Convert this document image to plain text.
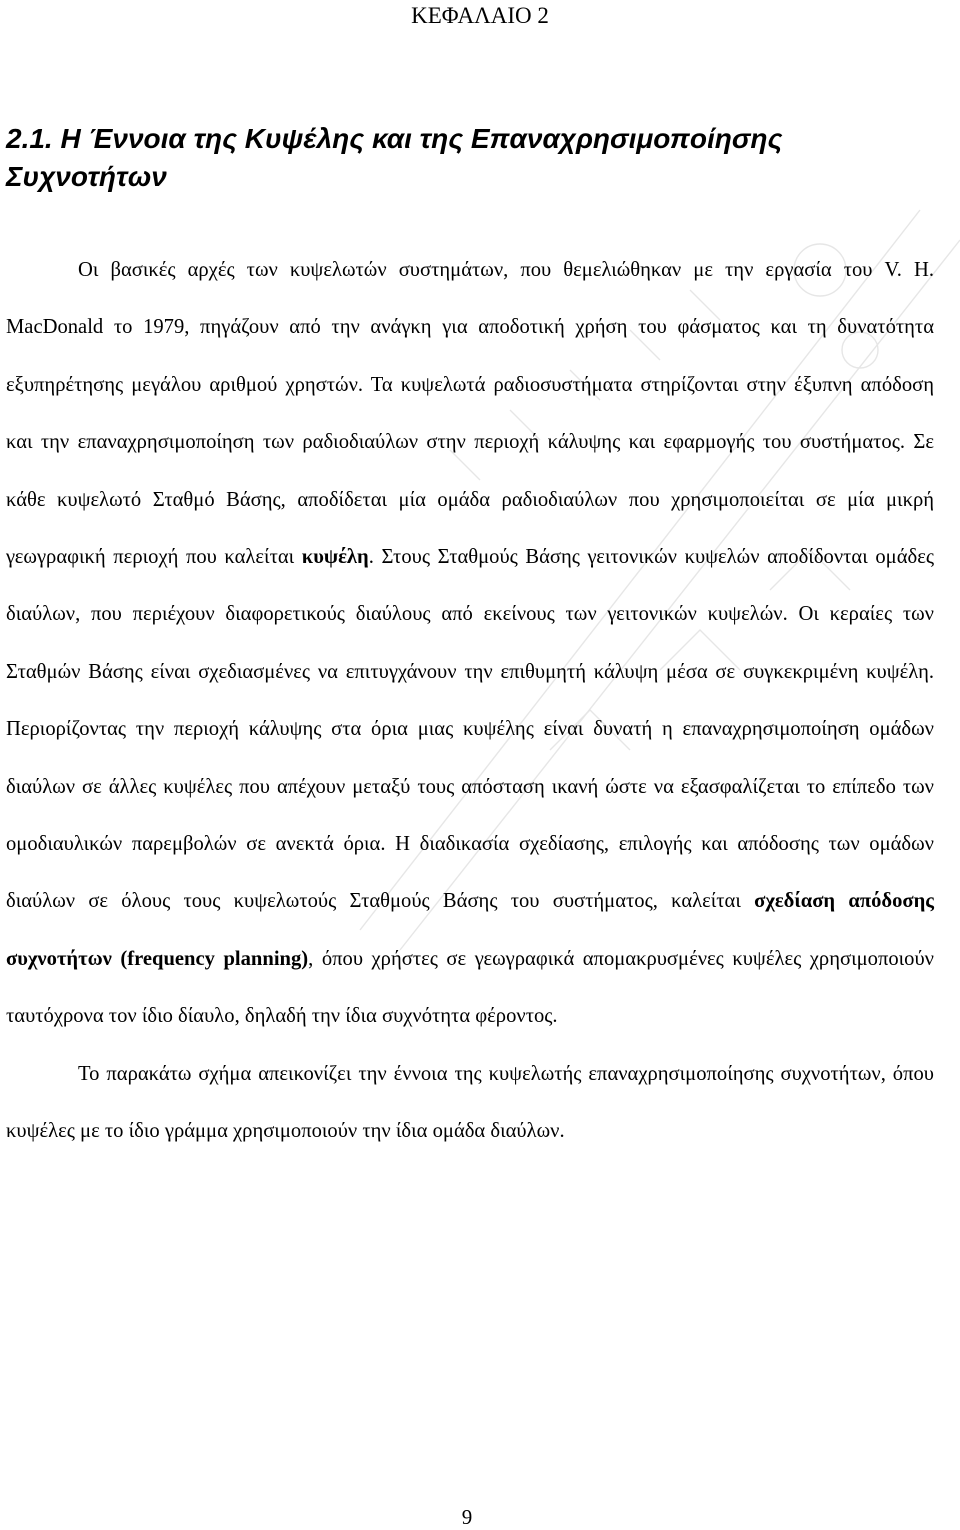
ΚΕΦΑΛΑΙΟ 2
2.1. Η Έννοια της Κυψέλης και της Επαναχρησιμοποίησης Συχνοτήτων

Οι βασικές αρχές των κυψελωτών συστημάτων, που θεμελιώθηκαν με την εργασία του V. H. MacDonald το 1979, πηγάζουν από την ανάγκη για αποδοτική χρήση του φάσματος και τη δυνατότητα εξυπηρέτησης μεγάλου αριθμού χρηστών. Τα κυψελωτά ραδιοσυστήματα στηρίζονται στην έξυπνη απόδοση και την επαναχρησιμοποίηση των ραδιοδιαύλων στην περιοχή κάλυψης και εφαρμογής του συστήματος. Σε κάθε κυψελωτό Σταθμό Βάσης, αποδίδεται μία ομάδα ραδιοδιαύλων που χρησιμοποιείται σε μία μικρή γεωγραφική περιοχή που καλείται κυψέλη. Στους Σταθμούς Βάσης γειτονικών κυψελών αποδίδονται ομάδες διαύλων, που περιέχουν διαφορετικούς διαύλους από εκείνους των γειτονικών κυψελών. Οι κεραίες των Σταθμών Βάσης είναι σχεδιασμένες να επιτυγχάνουν την επιθυμητή κάλυψη μέσα σε συγκεκριμένη κυψέλη. Περιορίζοντας την περιοχή κάλυψης στα όρια μιας κυψέλης είναι δυνατή η επαναχρησιμοποίηση ομάδων διαύλων σε άλλες κυψέλες που απέχουν μεταξύ τους απόσταση ικανή ώστε να εξασφαλίζεται το επίπεδο των ομοδιαυλικών παρεμβολών σε ανεκτά όρια. Η διαδικασία σχεδίασης, επιλογής και απόδοσης των ομάδων διαύλων σε όλους τους κυψελωτούς Σταθμούς Βάσης του συστήματος, καλείται σχεδίαση απόδοσης συχνοτήτων (frequency planning), όπου χρήστες σε γεωγραφικά απομακρυσμένες κυψέλες χρησιμοποιούν ταυτόχρονα τον ίδιο δίαυλο, δηλαδή την ίδια συχνότητα φέροντος.

Το παρακάτω σχήμα απεικονίζει την έννοια της κυψελωτής επαναχρησιμοποίησης συχνοτήτων, όπου κυψέλες με το ίδιο γράμμα χρησιμοποιούν την ίδια ομάδα διαύλων.

9
